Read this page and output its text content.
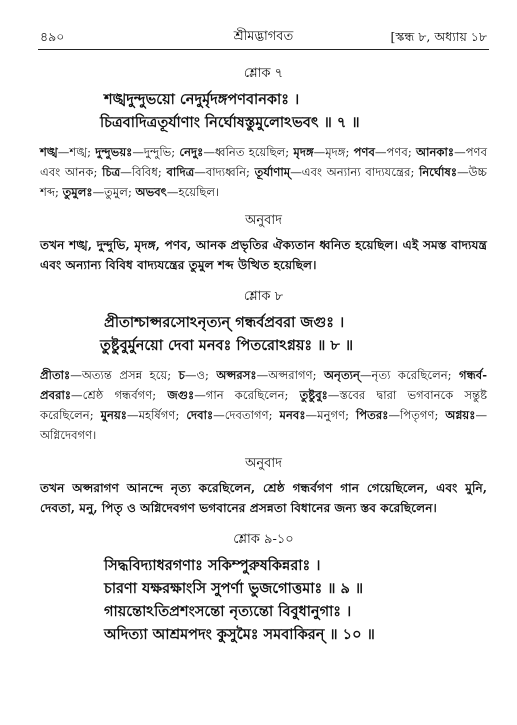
৪৯০	শ্রীমদ্ভাগবত	[স্কন্ধ ৮, অধ্যায় ১৮
শ্লোক ৭
শঙ্খদুন্দুভয়ো নেদুর্মৃদঙ্গপণবানকাঃ ।
চিত্রবাদিত্রতূর্যাণাং নির্ঘোষস্তুমুলোঽভবৎ ॥ ৭ ॥
শঙ্খ—শঙ্খ; দুন্দুভয়ঃ—দুন্দুভি; নেদুঃ—ধ্বনিত হয়েছিল; মৃদঙ্গ—মৃদঙ্গ; পণব—পণব; আনকাঃ—পণব এবং আনক; চিত্র—বিবিধ; বাদিত্র—বাদ্যধ্বনি; তূর্যাণাম্—এবং অন্যান্য বাদ্যযন্ত্রের; নির্ঘোষঃ—উচ্চ শব্দ; তুমুলঃ—তুমুল; অভবৎ—হয়েছিল।
অনুবাদ
তখন শঙ্খ, দুন্দুভি, মৃদঙ্গ, পণব, আনক প্রভৃতির ঐক্যতান ধ্বনিত হয়েছিল। এই সমস্ত বাদ্যযন্ত্র এবং অন্যান্য বিবিধ বাদ্যযন্ত্রের তুমুল শব্দ উত্থিত হয়েছিল।
শ্লোক ৮
প্রীতাশ্চাপ্সরসোঽনৃত্যন্ গন্ধর্বপ্রবরা জগুঃ ।
তুষ্টুবুর্মুনয়ো দেবা মনবঃ পিতরোঽগ্নয়ঃ ॥ ৮ ॥
প্রীতাঃ—অত্যন্ত প্রসন্ন হয়ে; চ—ও; অপ্সরসঃ—অপ্সরাগণ; অনৃত্যন্—নৃত্য করেছিলেন; গন্ধর্ব-প্রবরাঃ—শ্রেষ্ঠ গন্ধর্বগণ; জগুঃ—গান করেছিলেন; তুষ্টুবুঃ—স্তবের দ্বারা ভগবানকে সন্তুষ্ট করেছিলেন; মুনয়ঃ—মহর্ষিগণ; দেবাঃ—দেবতাগণ; মনবঃ—মনুগণ; পিতরঃ—পিতৃগণ; অগ্নয়ঃ—অগ্নিদেবগণ।
অনুবাদ
তখন অপ্সরাগণ আনন্দে নৃত্য করেছিলেন, শ্রেষ্ঠ গন্ধর্বগণ গান গেয়েছিলেন, এবং মুনি, দেবতা, মনু, পিতৃ ও অগ্নিদেবগণ ভগবানের প্রসন্নতা বিধানের জন্য স্তব করেছিলেন।
শ্লোক ৯-১০
সিদ্ধবিদ্যাধরগণাঃ সকিম্পুরুষকিন্নরাঃ ।
চারণা যক্ষরক্ষাংসি সুপর্ণা ভুজগোত্তমাঃ ॥ ৯ ॥
গায়ন্তোঽতিপ্রশংসন্তো নৃত্যন্তো বিবুধানুগাঃ ।
অদিত্যা আশ্রমপদং কুসুমৈঃ সমবাকিরন্ ॥ ১০ ॥
